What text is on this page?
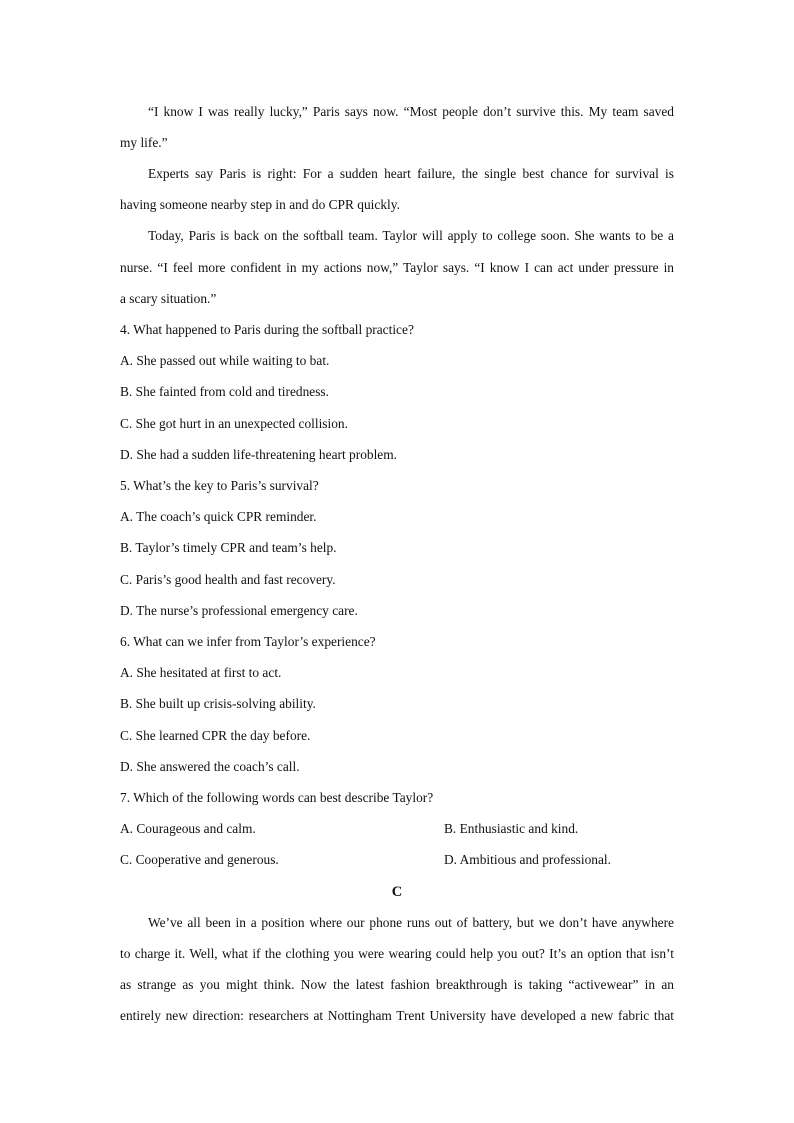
“I know I was really lucky,” Paris says now. “Most people don’t survive this. My team saved
my life.”
Experts say Paris is right: For a sudden heart failure, the single best chance for survival is
having someone nearby step in and do CPR quickly.
Today, Paris is back on the softball team. Taylor will apply to college soon. She wants to be a
nurse. “I feel more confident in my actions now,” Taylor says. “I know I can act under pressure in
a scary situation.”
4. What happened to Paris during the softball practice?
A. She passed out while waiting to bat.
B. She fainted from cold and tiredness.
C. She got hurt in an unexpected collision.
D. She had a sudden life-threatening heart problem.
5. What’s the key to Paris’s survival?
A. The coach’s quick CPR reminder.
B. Taylor’s timely CPR and team’s help.
C. Paris’s good health and fast recovery.
D. The nurse’s professional emergency care.
6. What can we infer from Taylor’s experience?
A. She hesitated at first to act.
B. She built up crisis-solving ability.
C. She learned CPR the day before.
D. She answered the coach’s call.
7. Which of the following words can best describe Taylor?
A. Courageous and calm.	B. Enthusiastic and kind.
C. Cooperative and generous.	D. Ambitious and professional.
C
We’ve all been in a position where our phone runs out of battery, but we don’t have anywhere
to charge it. Well, what if the clothing you were wearing could help you out? It’s an option that isn’t
as strange as you might think. Now the latest fashion breakthrough is taking “activewear” in an
entirely new direction: researchers at Nottingham Trent University have developed a new fabric that
